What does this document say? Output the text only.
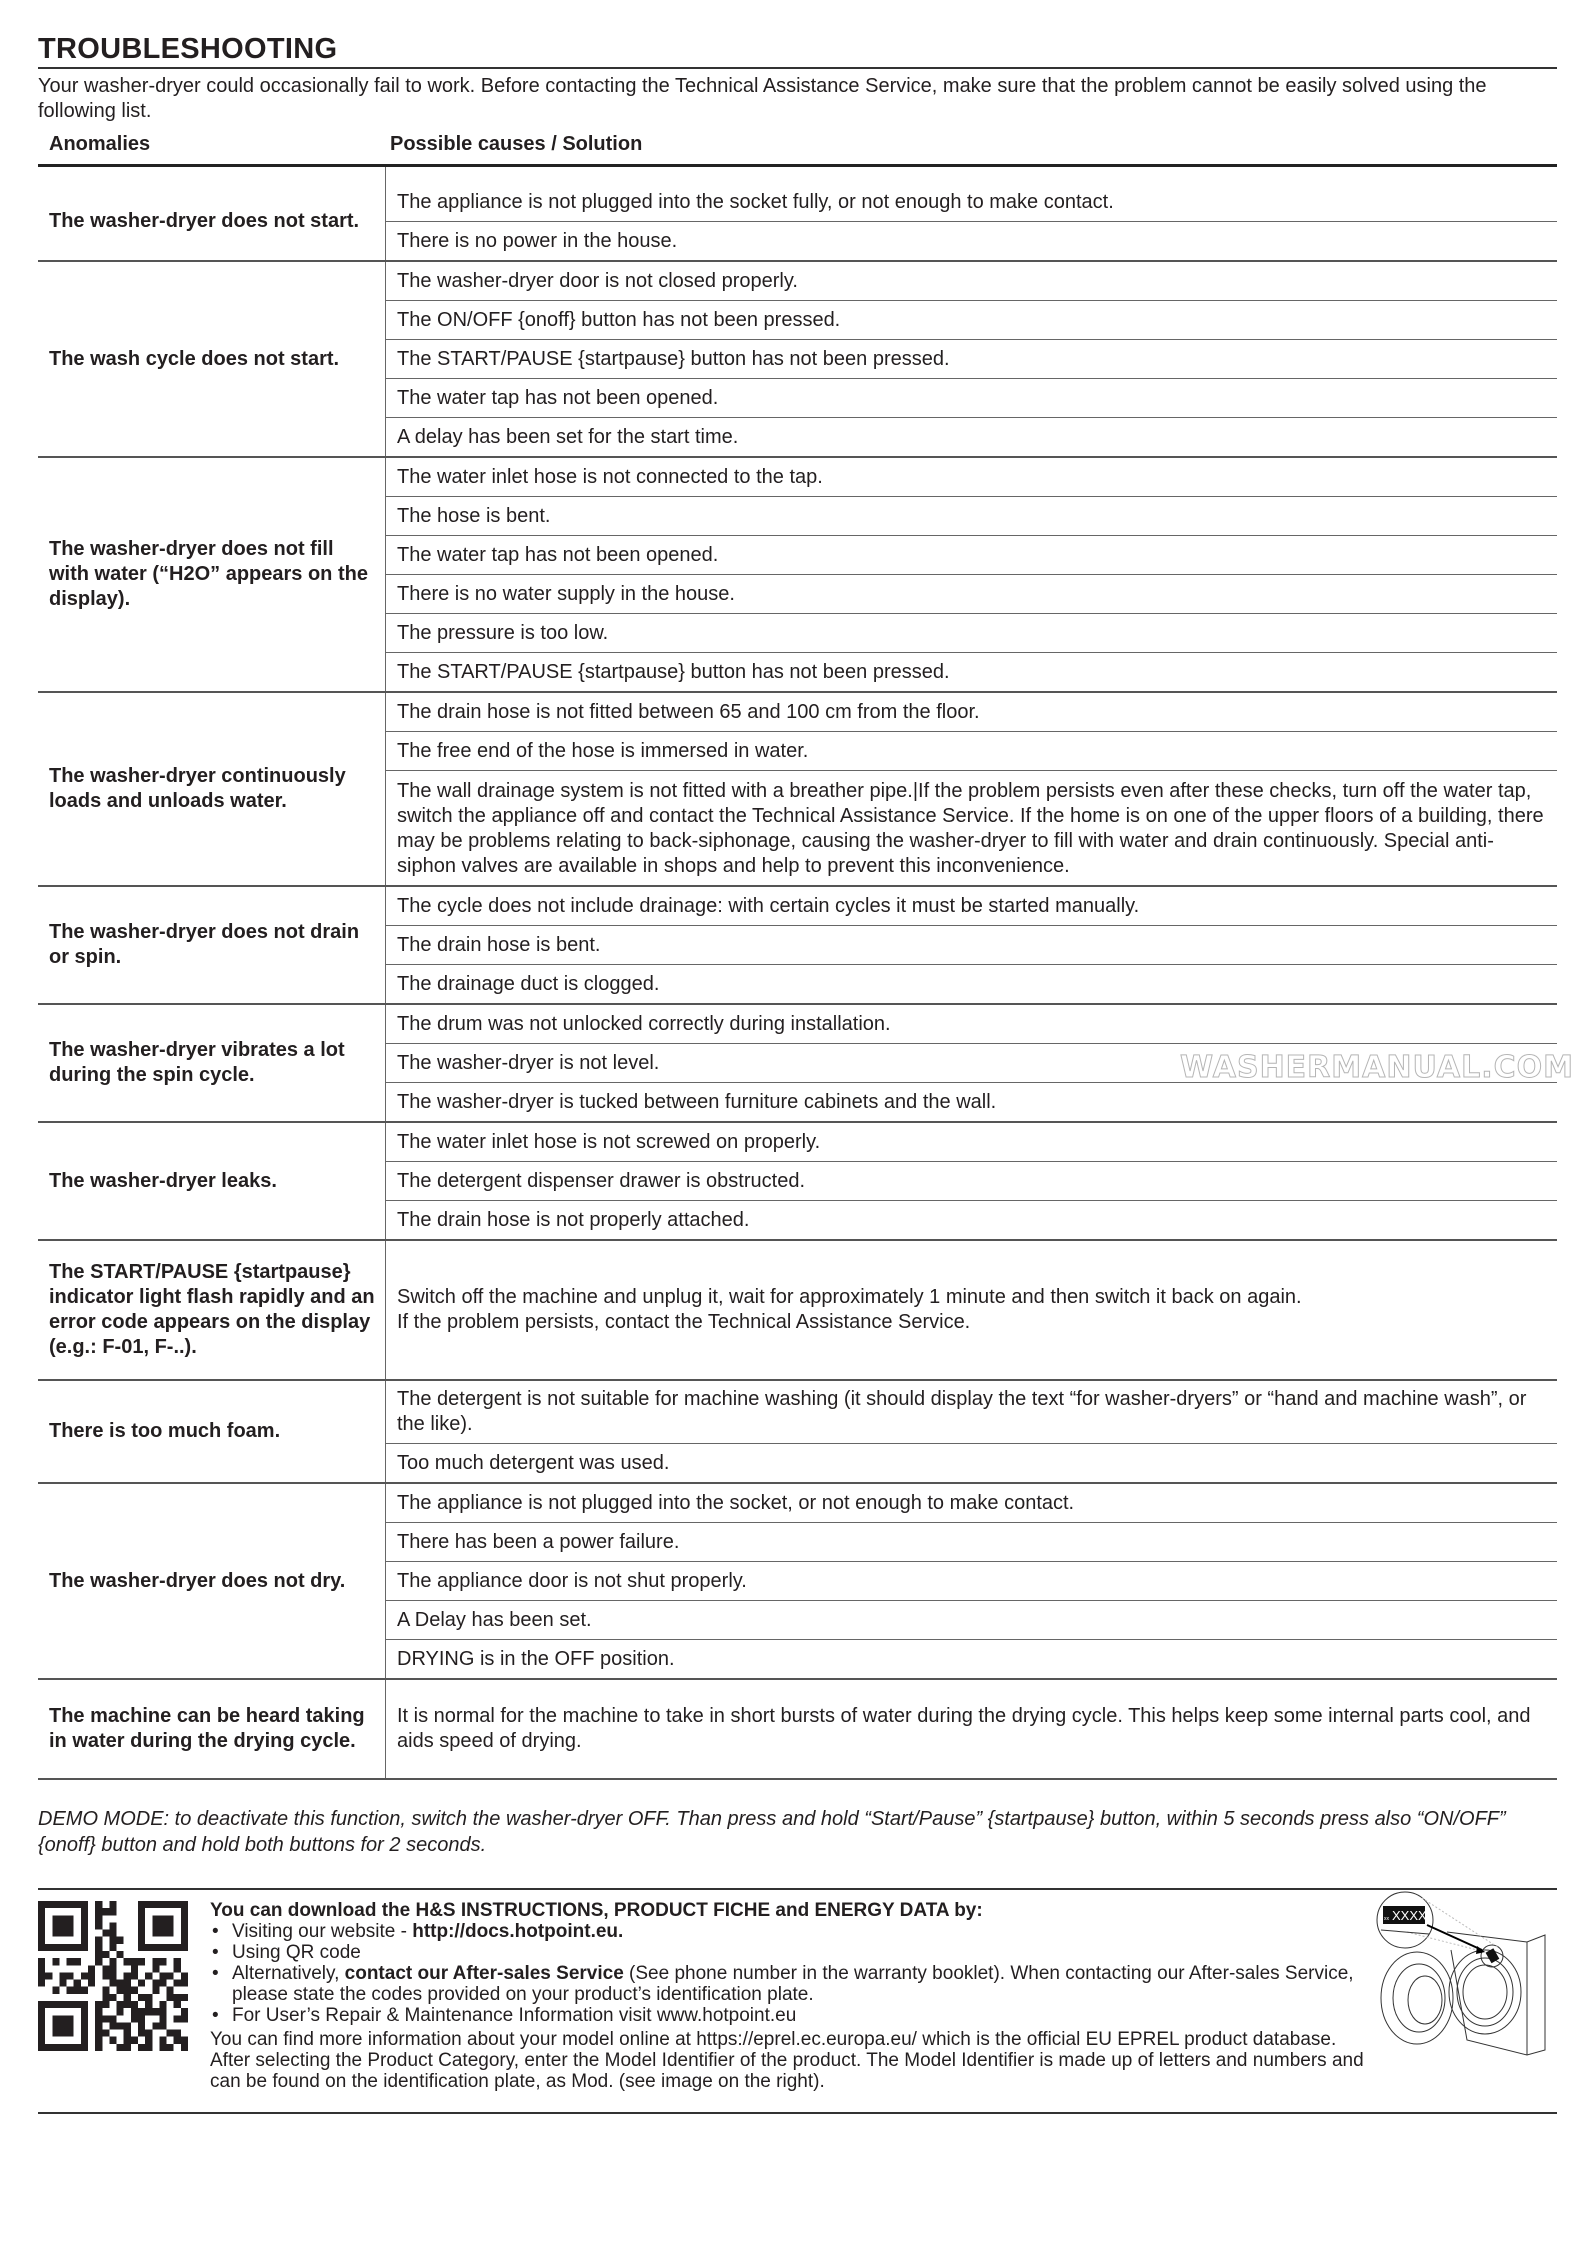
TROUBLESHOOTING
Your washer-dryer could occasionally fail to work. Before contacting the Technical Assistance Service, make sure that the problem cannot be easily solved using the following list.
Anomalies	Possible causes / Solution

The washer-dryer does not start.	The appliance is not plugged into the socket fully, or not enough to make contact.
	There is no power in the house.
The wash cycle does not start.	The washer-dryer door is not closed properly.
	The ON/OFF {onoff} button has not been pressed.
	The START/PAUSE {startpause} button has not been pressed.
	The water tap has not been opened.
	A delay has been set for the start time.
The washer-dryer does not fill with water (“H2O” appears on the display).	The water inlet hose is not connected to the tap.
	The hose is bent.
	The water tap has not been opened.
	There is no water supply in the house.
	The pressure is too low.
	The START/PAUSE {startpause} button has not been pressed.
The washer-dryer continuously loads and unloads water.	The drain hose is not fitted between 65 and 100 cm from the floor.
	The free end of the hose is immersed in water.
	The wall drainage system is not fitted with a breather pipe.|If the problem persists even after these checks, turn off the water tap, switch the appliance off and contact the Technical Assistance Service. If the home is on one of the upper floors of a building, there may be problems relating to back-siphonage, causing the washer-dryer to fill with water and drain continuously. Special anti-siphon valves are available in shops and help to prevent this inconvenience.
The washer-dryer does not drain or spin.	The cycle does not include drainage: with certain cycles it must be started manually.
	The drain hose is bent.
	The drainage duct is clogged.
The washer-dryer vibrates a lot during the spin cycle.	The drum was not unlocked correctly during installation.
	The washer-dryer is not level.
	The washer-dryer is tucked between furniture cabinets and the wall.
The washer-dryer leaks.	The water inlet hose is not screwed on properly.
	The detergent dispenser drawer is obstructed.
	The drain hose is not properly attached.
The START/PAUSE {startpause} indicator light flash rapidly and an error code appears on the display (e.g.: F-01, F-..).	Switch off the machine and unplug it, wait for approximately 1 minute and then switch it back on again.
If the problem persists, contact the Technical Assistance Service.
There is too much foam.	The detergent is not suitable for machine washing (it should display the text “for washer-dryers” or “hand and machine wash”, or the like).
	Too much detergent was used.
The washer-dryer does not dry.	The appliance is not plugged into the socket, or not enough to make contact.
	There has been a power failure.
	The appliance door is not shut properly.
	A Delay has been set.
	DRYING is in the OFF position.
The machine can be heard taking in water during the drying cycle.	It is normal for the machine to take in short bursts of water during the drying cycle. This helps keep some internal parts cool, and aids speed of drying.
DEMO MODE: to deactivate this function, switch the washer-dryer OFF. Than press and hold “Start/Pause” {startpause} button, within 5 seconds press also “ON/OFF” {onoff} button and hold both buttons for 2 seconds.
You can download the H&S INSTRUCTIONS, PRODUCT FICHE and ENERGY DATA by:
• Visiting our website - http://docs.hotpoint.eu.
• Using QR code
• Alternatively, contact our After-sales Service (See phone number in the warranty booklet). When contacting our After-sales Service, please state the codes provided on your product’s identification plate.
• For User’s Repair & Maintenance Information visit www.hotpoint.eu
You can find more information about your model online at https://eprel.ec.europa.eu/ which is the official EU EPREL product database. After selecting the Product Category, enter the Model Identifier of the product. The Model Identifier is made up of letters and numbers and can be found on the identification plate, as Mod. (see image on the right).
xx XXXX
WASHERMANUAL.COM
